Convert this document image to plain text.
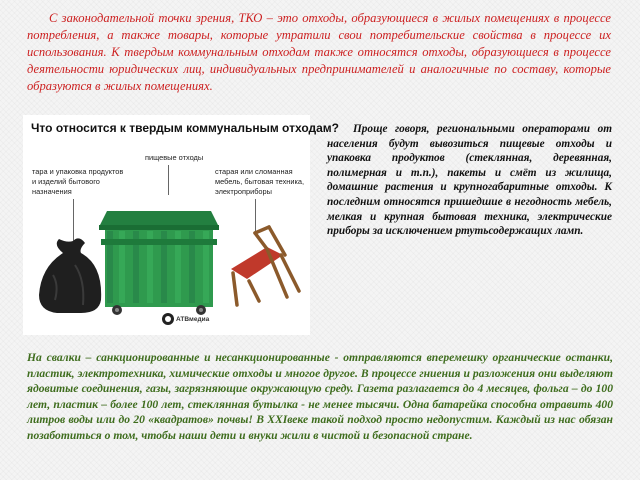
С законодательной точки зрения, ТКО – это отходы, образующиеся в жилых помещениях в процессе потребления, а также товары, которые утратили свои потребительские свойства в процессе их использования. К твердым коммунальным отходам также относятся отходы, образующиеся в процессе деятельности юридических лиц, индивидуальных предпринимателей и аналогичные по составу, которые образуются в жилых помещениях.

Что относится к твердым коммунальным отходам?
пищевые отходы
тара и упаковка продуктов и изделий бытового назначения
старая или сломанная мебель, бытовая техника, электроприборы
АТВмедиа

Проще говоря, региональными операторами от населения будут вывозиться пищевые отходы и упаковка продуктов (стеклянная, деревянная, полимерная и т.п.), пакеты и смёт из жилища, домашние растения и крупногабаритные отходы. К последним относятся пришедшие в негодность мебель, мелкая и крупная бытовая техника, электрические приборы за исключением ртутьсодержащих ламп.

На свалки – санкционированные и несанкционированные - отправляются вперемешку органические останки, пластик, электротехника, химические отходы и многое другое. В процессе гниения и разложения они выделяют ядовитые соединения, газы, загрязняющие окружающую среду. Газета разлагается до 4 месяцев, фольга – до 100 лет, пластик – более 100 лет, стеклянная бутылка - не менее тысячи. Одна батарейка способна отравить 400 литров воды или до 20 «квадратов» почвы! В XXIвеке такой подход просто недопустим. Каждый из нас обязан позаботиться о том, чтобы наши дети и внуки жили в чистой и безопасной стране.
